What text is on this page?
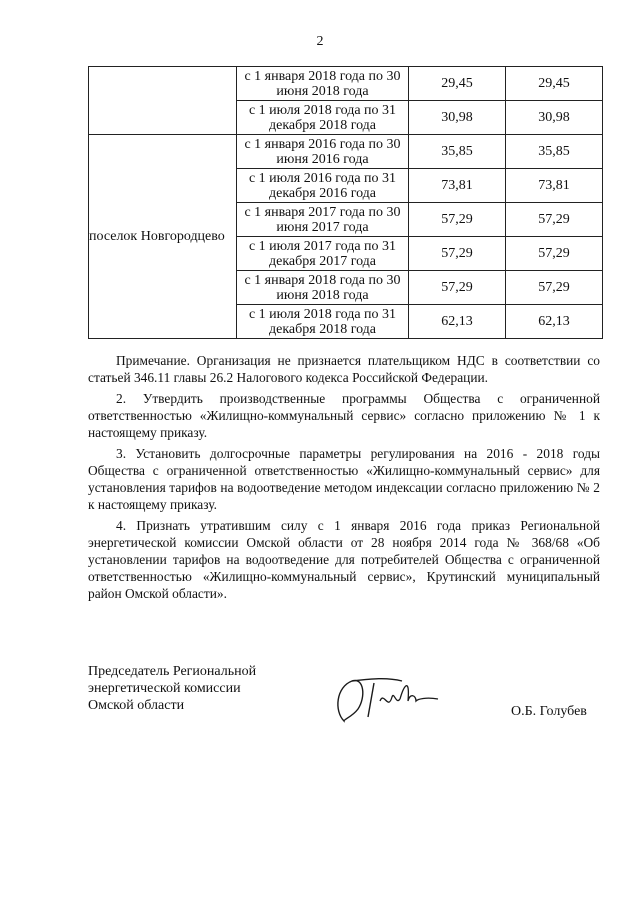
2
	с 1 января 2018 года по 30 июня 2018 года	29,45	29,45
	с 1 июля 2018 года по 31 декабря 2018 года	30,98	30,98
поселок Новгородцево	с 1 января 2016 года по 30 июня 2016 года	35,85	35,85
	с 1 июля 2016 года по 31 декабря 2016 года	73,81	73,81
	с 1 января 2017 года по 30 июня 2017 года	57,29	57,29
	с 1 июля 2017 года по 31 декабря 2017 года	57,29	57,29
	с 1 января 2018 года по 30 июня 2018 года	57,29	57,29
	с 1 июля 2018 года по 31 декабря 2018 года	62,13	62,13

Примечание. Организация не признается плательщиком НДС в соответствии со статьей 346.11 главы 26.2 Налогового кодекса Российской Федерации.

2. Утвердить производственные программы Общества с ограниченной ответственностью «Жилищно-коммунальный сервис» согласно приложению № 1 к настоящему приказу.

3. Установить долгосрочные параметры регулирования на 2016 - 2018 годы Общества с ограниченной ответственностью «Жилищно-коммунальный сервис» для установления тарифов на водоотведение методом индексации согласно приложению № 2 к настоящему приказу.

4. Признать утратившим силу с 1 января 2016 года приказ Региональной энергетической комиссии Омской области от 28 ноября 2014 года № 368/68 «Об установлении тарифов на водоотведение для потребителей Общества с ограниченной ответственностью «Жилищно-коммунальный сервис», Крутинский муниципальный район Омской области».

Председатель Региональной
энергетической комиссии
Омской области	О.Б. Голубев
